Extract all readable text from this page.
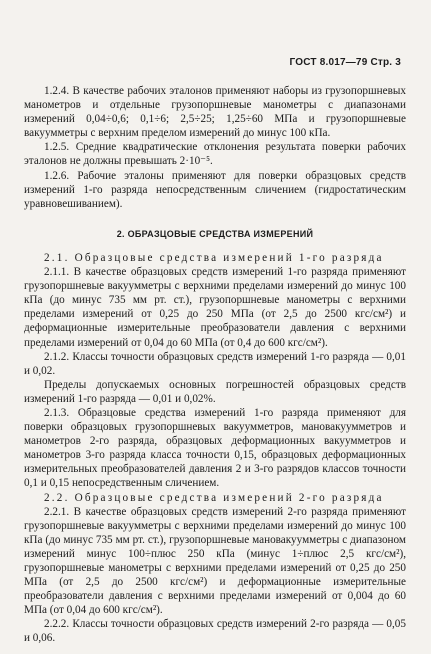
ГОСТ 8.017—79 Стр. 3

1.2.4. В качестве рабочих эталонов применяют наборы из грузопоршневых манометров и отдельные грузопоршневые манометры с диапазонами измерений 0,04÷0,6; 0,1÷6; 2,5÷25; 1,25÷60 МПа и грузопоршневые вакуумметры с верхним пределом измерений до минус 100 кПа.

1.2.5. Средние квадратические отклонения результата поверки рабочих эталонов не должны превышать 2·10⁻⁵.

1.2.6. Рабочие эталоны применяют для поверки образцовых средств измерений 1-го разряда непосредственным сличением (гидростатическим уравновешиванием).

2. ОБРАЗЦОВЫЕ СРЕДСТВА ИЗМЕРЕНИЙ

2.1. Образцовые средства измерений 1-го разряда

2.1.1. В качестве образцовых средств измерений 1-го разряда применяют грузопоршневые вакуумметры с верхними пределами измерений до минус 100 кПа (до минус 735 мм рт. ст.), грузопоршневые манометры с верхними пределами измерений от 0,25 до 250 МПа (от 2,5 до 2500 кгс/см²) и деформационные измерительные преобразователи давления с верхними пределами измерений от 0,04 до 60 МПа (от 0,4 до 600 кгс/см²).

2.1.2. Классы точности образцовых средств измерений 1-го разряда — 0,01 и 0,02.

Пределы допускаемых основных погрешностей образцовых средств измерений 1-го разряда — 0,01 и 0,02%.

2.1.3. Образцовые средства измерений 1-го разряда применяют для поверки образцовых грузопоршневых вакуумметров, мановакуумметров и манометров 2-го разряда, образцовых деформационных вакуумметров и манометров 3-го разряда класса точности 0,15, образцовых деформационных измерительных преобразователей давления 2 и 3-го разрядов классов точности 0,1 и 0,15 непосредственным сличением.

2.2. Образцовые средства измерений 2-го разряда

2.2.1. В качестве образцовых средств измерений 2-го разряда применяют грузопоршневые вакуумметры с верхними пределами измерений до минус 100 кПа (до минус 735 мм рт. ст.), грузопоршневые мановакуумметры с диапазоном измерений минус 100÷плюс 250 кПа (минус 1÷плюс 2,5 кгс/см²), грузопоршневые манометры с верхними пределами измерений от 0,25 до 250 МПа (от 2,5 до 2500 кгс/см²) и деформационные измерительные преобразователи давления с верхними пределами измерений от 0,004 до 60 МПа (от 0,04 до 600 кгс/см²).

2.2.2. Классы точности образцовых средств измерений 2-го разряда — 0,05 и 0,06.
